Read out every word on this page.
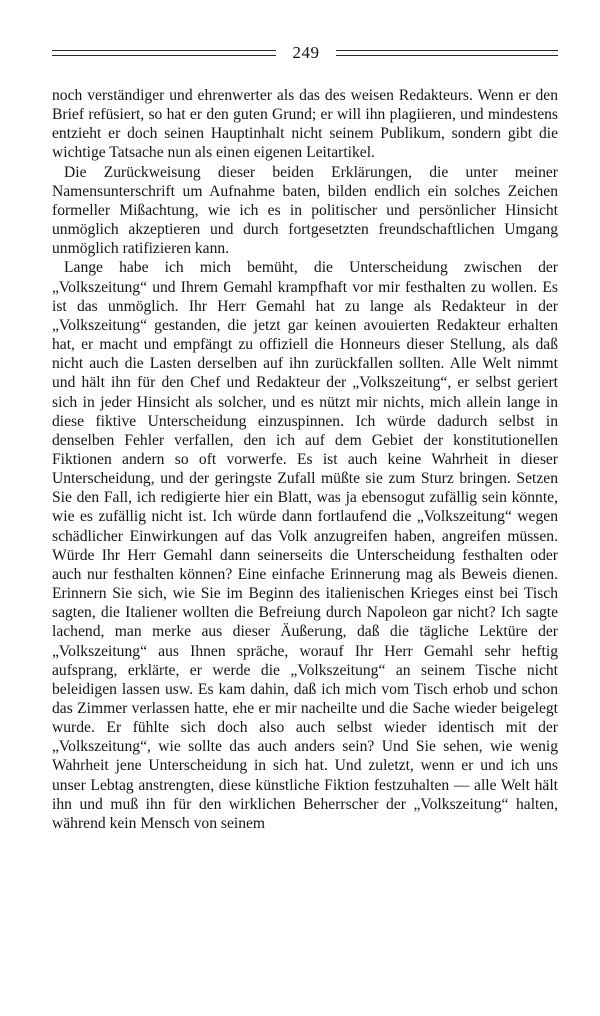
249

noch verständiger und ehrenwerter als das des weisen Redakteurs. Wenn er den Brief refüsiert, so hat er den guten Grund; er will ihn plagiieren, und mindestens entzieht er doch seinen Hauptinhalt nicht seinem Publikum, sondern gibt die wichtige Tatsache nun als einen eigenen Leitartikel.

Die Zurückweisung dieser beiden Erklärungen, die unter meiner Namensunterschrift um Aufnahme baten, bilden endlich ein solches Zeichen formeller Mißachtung, wie ich es in politischer und persönlicher Hinsicht unmöglich akzeptieren und durch fortgesetzten freundschaftlichen Umgang unmöglich ratifizieren kann.

Lange habe ich mich bemüht, die Unterscheidung zwischen der „Volkszeitung“ und Ihrem Gemahl krampfhaft vor mir festhalten zu wollen. Es ist das unmöglich. Ihr Herr Gemahl hat zu lange als Redakteur in der „Volkszeitung“ gestanden, die jetzt gar keinen avouierten Redakteur erhalten hat, er macht und empfängt zu offiziell die Honneurs dieser Stellung, als daß nicht auch die Lasten derselben auf ihn zurückfallen sollten. Alle Welt nimmt und hält ihn für den Chef und Redakteur der „Volkszeitung“, er selbst geriert sich in jeder Hinsicht als solcher, und es nützt mir nichts, mich allein lange in diese fiktive Unterscheidung einzuspinnen. Ich würde dadurch selbst in denselben Fehler verfallen, den ich auf dem Gebiet der konstitutionellen Fiktionen andern so oft vorwerfe. Es ist auch keine Wahrheit in dieser Unterscheidung, und der geringste Zufall müßte sie zum Sturz bringen. Setzen Sie den Fall, ich redigierte hier ein Blatt, was ja ebensogut zufällig sein könnte, wie es zufällig nicht ist. Ich würde dann fortlaufend die „Volkszeitung“ wegen schädlicher Einwirkungen auf das Volk anzugreifen haben, angreifen müssen. Würde Ihr Herr Gemahl dann seinerseits die Unterscheidung festhalten oder auch nur festhalten können? Eine einfache Erinnerung mag als Beweis dienen. Erinnern Sie sich, wie Sie im Beginn des italienischen Krieges einst bei Tisch sagten, die Italiener wollten die Befreiung durch Napoleon gar nicht? Ich sagte lachend, man merke aus dieser Äußerung, daß die tägliche Lektüre der „Volkszeitung“ aus Ihnen spräche, worauf Ihr Herr Gemahl sehr heftig aufsprang, erklärte, er werde die „Volkszeitung“ an seinem Tische nicht beleidigen lassen usw. Es kam dahin, daß ich mich vom Tisch erhob und schon das Zimmer verlassen hatte, ehe er mir nacheilte und die Sache wieder beigelegt wurde. Er fühlte sich doch also auch selbst wieder identisch mit der „Volkszeitung“, wie sollte das auch anders sein? Und Sie sehen, wie wenig Wahrheit jene Unterscheidung in sich hat. Und zuletzt, wenn er und ich uns unser Lebtag anstrengten, diese künstliche Fiktion festzuhalten — alle Welt hält ihn und muß ihn für den wirklichen Beherrscher der „Volkszeitung“ halten, während kein Mensch von seinem
